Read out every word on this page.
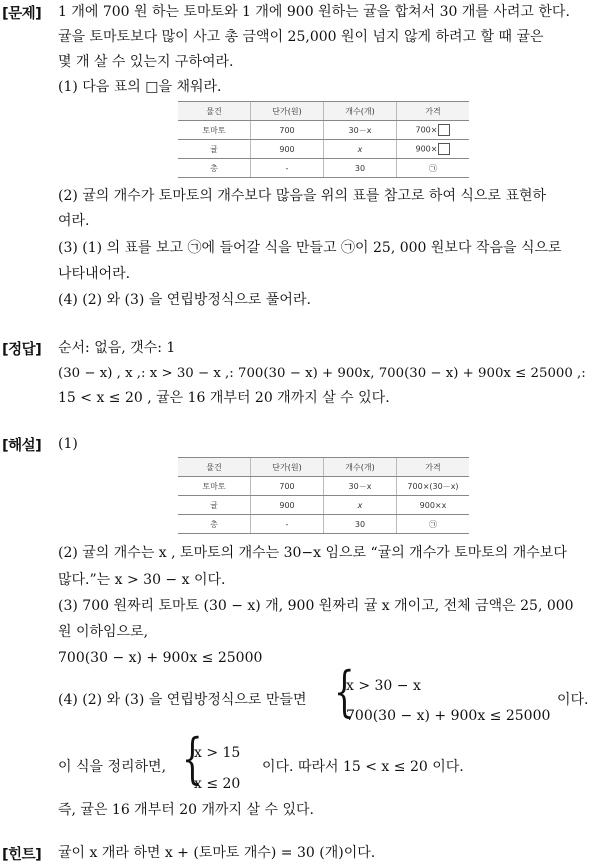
[문제] 1 개에 700 원 하는 토마토와 1 개에 900 원하는 귤을 합쳐서 30 개를 사려고 한다.
귤을 토마토보다 많이 사고 총 금액이 25,000 원이 넘지 않게 하려고 할 때 귤은
몇 개 살 수 있는지 구하여라.
(1) 다음 표의 □을 채워라.
물건	단가(원)	개수(개)	가격
토마토	700	30－x	700×
귤	900	x	900×
총	-	30	㉠
(2) 귤의 개수가 토마토의 개수보다 많음을 위의 표를 참고로 하여 식으로 표현하
여라.
(3) (1) 의 표를 보고 ㉠에 들어갈 식을 만들고 ㉠이 25, 000 원보다 작음을 식으로
나타내어라.
(4) (2) 와 (3) 을 연립방정식으로 풀어라.
[정답] 순서: 없음, 갯수: 1
(30 − x) , x ,: x > 30 − x ,: 700(30 − x) + 900x, 700(30 − x) + 900x ≤ 25000 ,:
15 < x ≤ 20 , 귤은 16 개부터 20 개까지 살 수 있다.
[해설] (1)
물건	단가(원)	개수(개)	가격
토마토	700	30－x	700×(30－x)
귤	900	x	900×x
총	-	30	㉠
(2) 귤의 개수는 x , 토마토의 개수는 30−x 임으로 “귤의 개수가 토마토의 개수보다
많다.”는 x > 30 − x 이다.
(3) 700 원짜리 토마토 (30 − x) 개, 900 원짜리 귤 x 개이고, 전체 금액은 25, 000
원 이하임으로,
700(30 − x) + 900x ≤ 25000
(4) (2) 와 (3) 을 연립방정식으로 만들면 {
x > 30 − x
700(30 − x) + 900x ≤ 25000
이다.
이 식을 정리하면, {
x > 15
x ≤ 20
이다. 따라서 15 < x ≤ 20 이다.
즉, 귤은 16 개부터 20 개까지 살 수 있다.
[힌트] 귤이 x 개라 하면 x + (토마토 개수) = 30 (개)이다.
